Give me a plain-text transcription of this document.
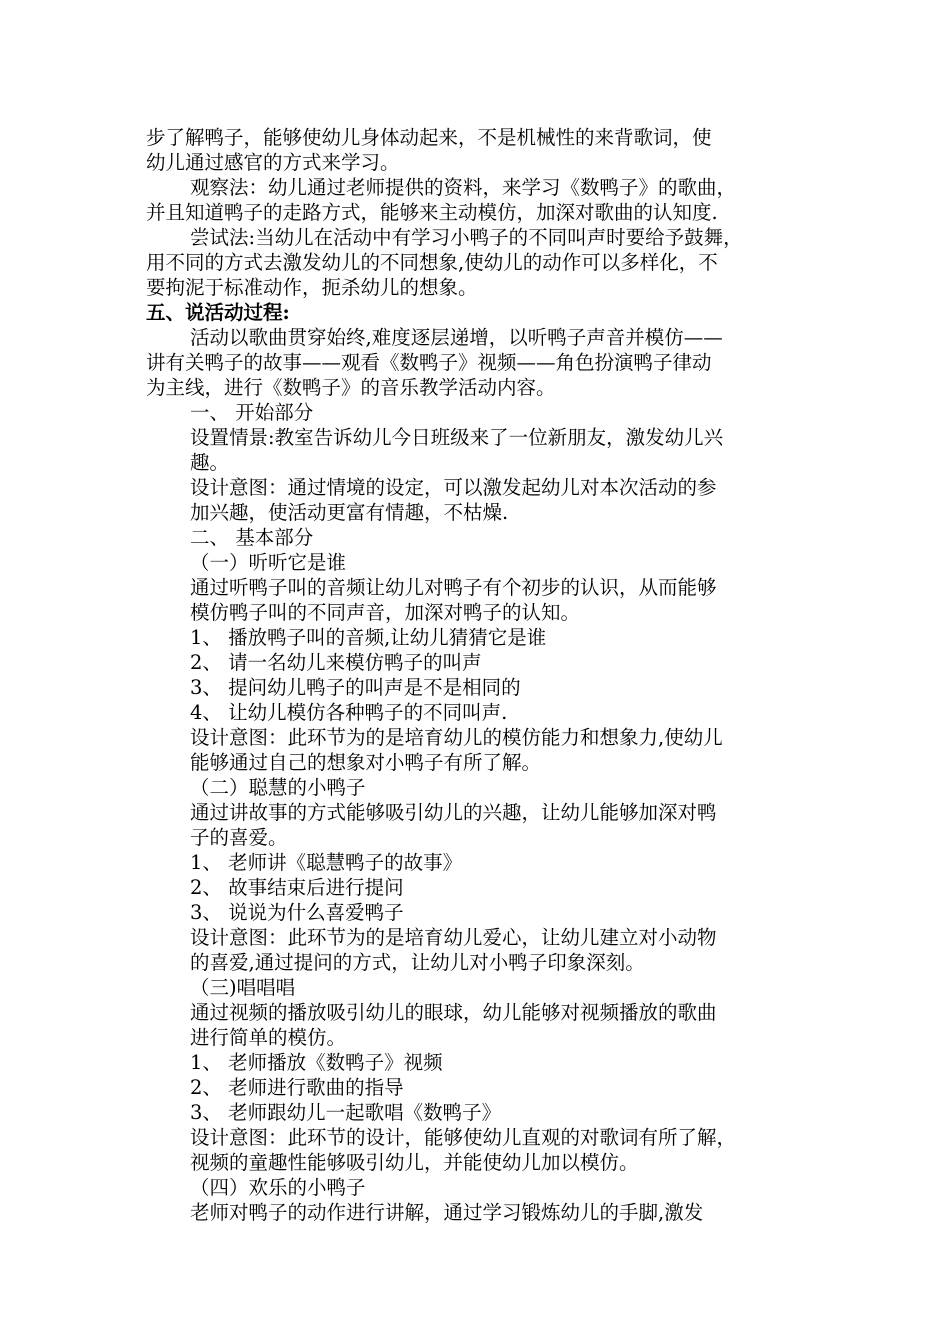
步了解鸭子，能够使幼儿身体动起来，不是机械性的来背歌词，使
幼儿通过感官的方式来学习。
观察法：幼儿通过老师提供的资料，来学习《数鸭子》的歌曲，
并且知道鸭子的走路方式，能够来主动模仿，加深对歌曲的认知度.
尝试法:当幼儿在活动中有学习小鸭子的不同叫声时要给予鼓舞，
用不同的方式去激发幼儿的不同想象,使幼儿的动作可以多样化，不
要拘泥于标准动作，扼杀幼儿的想象。
五、说活动过程:
活动以歌曲贯穿始终,难度逐层递增，以听鸭子声音并模仿——
讲有关鸭子的故事——观看《数鸭子》视频——角色扮演鸭子律动
为主线，进行《数鸭子》的音乐教学活动内容。
一、 开始部分
设置情景:教室告诉幼儿今日班级来了一位新朋友，激发幼儿兴
趣。
设计意图：通过情境的设定，可以激发起幼儿对本次活动的参
加兴趣，使活动更富有情趣，不枯燥.
二、 基本部分
（一）听听它是谁
通过听鸭子叫的音频让幼儿对鸭子有个初步的认识，从而能够
模仿鸭子叫的不同声音，加深对鸭子的认知。
1、 播放鸭子叫的音频,让幼儿猜猜它是谁
2、 请一名幼儿来模仿鸭子的叫声
3、 提问幼儿鸭子的叫声是不是相同的
4、 让幼儿模仿各种鸭子的不同叫声.
设计意图：此环节为的是培育幼儿的模仿能力和想象力,使幼儿
能够通过自己的想象对小鸭子有所了解。
（二）聪慧的小鸭子
通过讲故事的方式能够吸引幼儿的兴趣，让幼儿能够加深对鸭
子的喜爱。
1、 老师讲《聪慧鸭子的故事》
2、 故事结束后进行提问
3、 说说为什么喜爱鸭子
设计意图：此环节为的是培育幼儿爱心，让幼儿建立对小动物
的喜爱,通过提问的方式，让幼儿对小鸭子印象深刻。
（三)唱唱唱
通过视频的播放吸引幼儿的眼球，幼儿能够对视频播放的歌曲
进行简单的模仿。
1、 老师播放《数鸭子》视频
2、 老师进行歌曲的指导
3、 老师跟幼儿一起歌唱《数鸭子》
设计意图：此环节的设计，能够使幼儿直观的对歌词有所了解，
视频的童趣性能够吸引幼儿，并能使幼儿加以模仿。
（四）欢乐的小鸭子
老师对鸭子的动作进行讲解，通过学习锻炼幼儿的手脚,激发
